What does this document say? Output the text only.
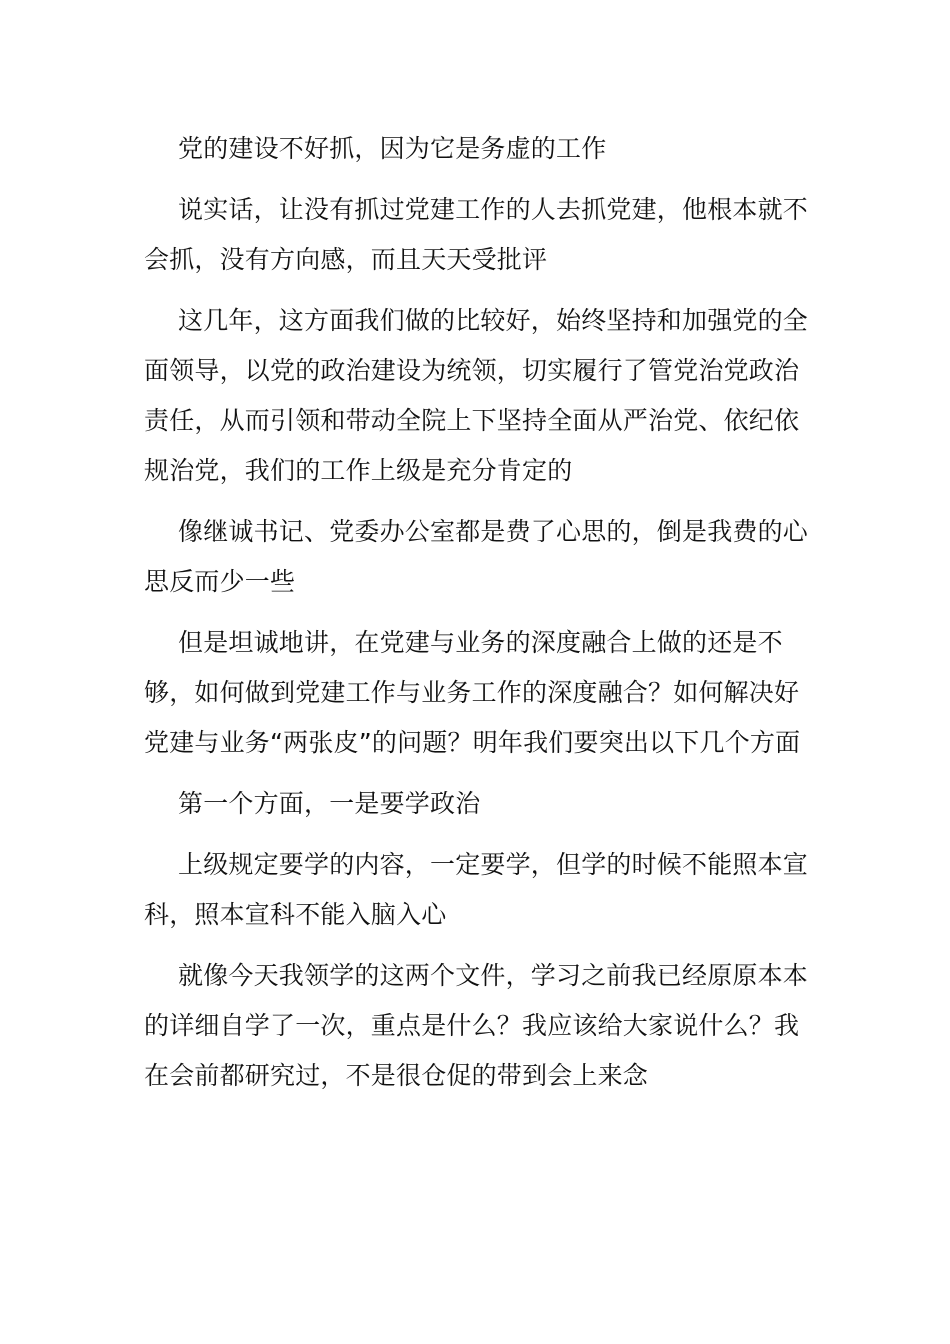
党的建设不好抓，因为它是务虚的工作

说实话，让没有抓过党建工作的人去抓党建，他根本就不会抓，没有方向感，而且天天受批评

这几年，这方面我们做的比较好，始终坚持和加强党的全面领导，以党的政治建设为统领，切实履行了管党治党政治责任，从而引领和带动全院上下坚持全面从严治党、依纪依规治党，我们的工作上级是充分肯定的

像继诚书记、党委办公室都是费了心思的，倒是我费的心思反而少一些

但是坦诚地讲，在党建与业务的深度融合上做的还是不够，如何做到党建工作与业务工作的深度融合？如何解决好党建与业务“两张皮”的问题？明年我们要突出以下几个方面

第一个方面，一是要学政治

上级规定要学的内容，一定要学，但学的时候不能照本宣科，照本宣科不能入脑入心

就像今天我领学的这两个文件，学习之前我已经原原本本的详细自学了一次，重点是什么？我应该给大家说什么？我在会前都研究过，不是很仓促的带到会上来念
